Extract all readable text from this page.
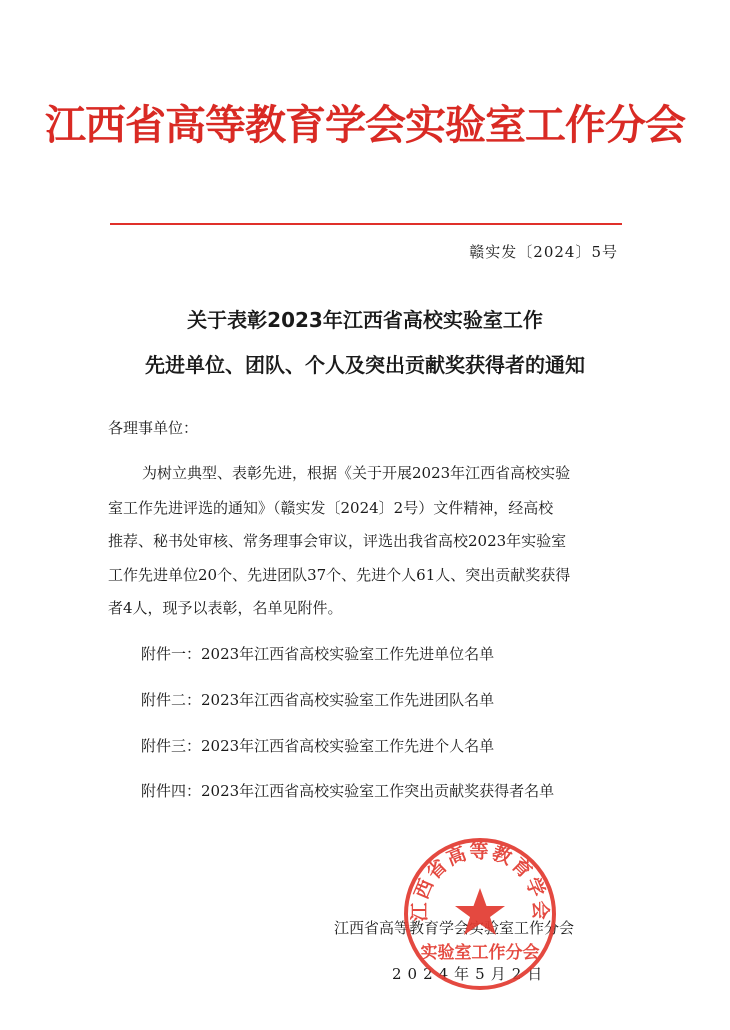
江西省高等教育学会实验室工作分会
赣实发〔2024〕5号
关于表彰2023年江西省高校实验室工作
先进单位、团队、个人及突出贡献奖获得者的通知
各理事单位：
为树立典型、表彰先进，根据《关于开展2023年江西省高校实验
室工作先进评选的通知》（赣实发〔2024〕2号）文件精神，经高校
推荐、秘书处审核、常务理事会审议，评选出我省高校2023年实验室
工作先进单位20个、先进团队37个、先进个人61人、突出贡献奖获得
者4人，现予以表彰，名单见附件。
附件一：2023年江西省高校实验室工作先进单位名单
附件二：2023年江西省高校实验室工作先进团队名单
附件三：2023年江西省高校实验室工作先进个人名单
附件四：2023年江西省高校实验室工作突出贡献奖获得者名单
江西省高等教育学会实验室工作分会
2024年5月2日
江西省高等教育学会
实验室工作分会
